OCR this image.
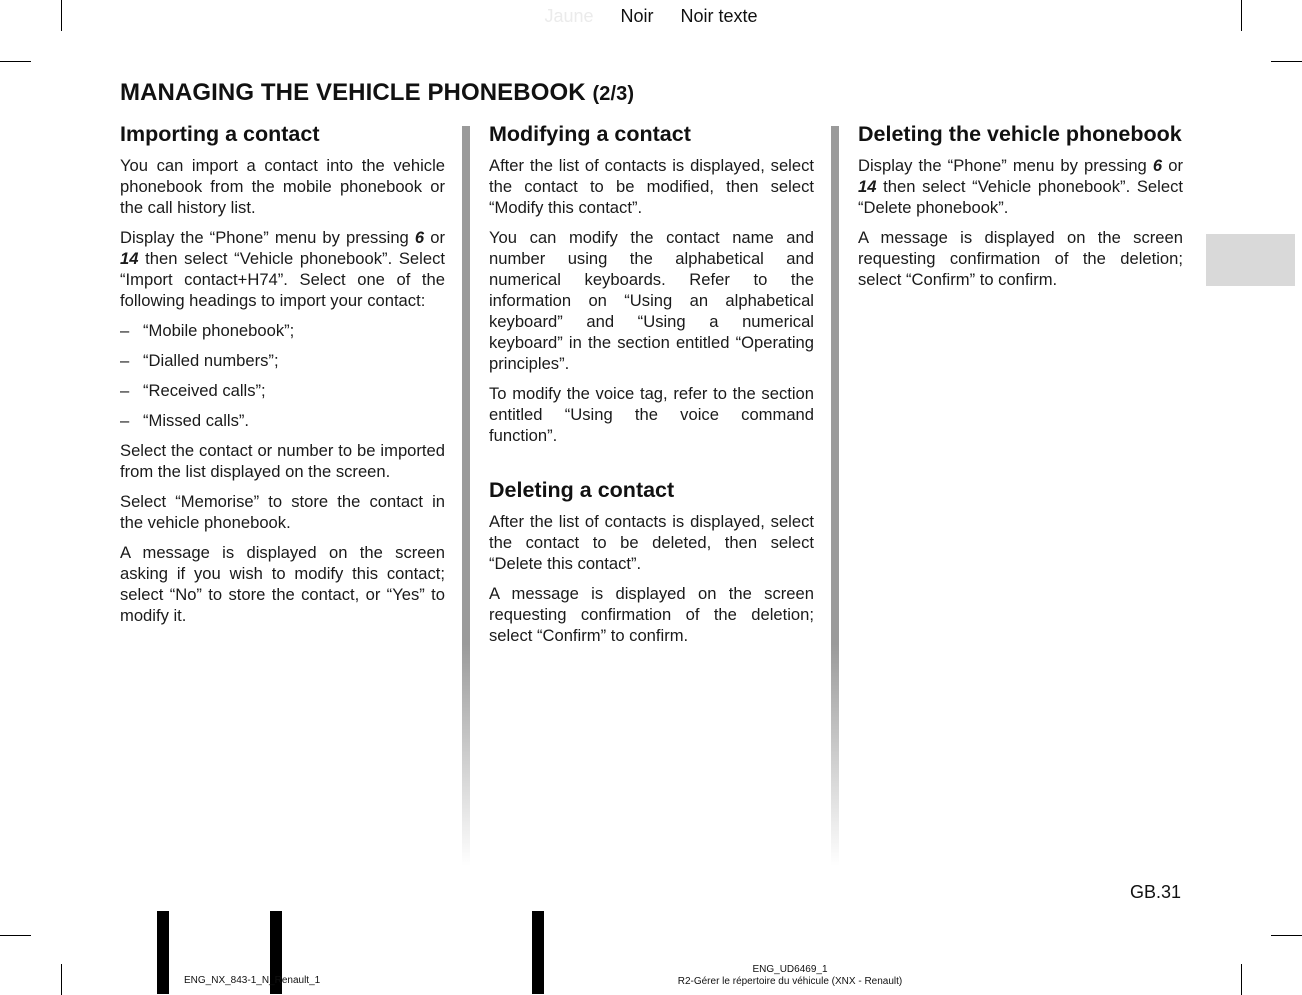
Jaune Noir Noir texte
MANAGING THE VEHICLE PHONEBOOK (2/3)
Importing a contact

You can import a contact into the vehicle phonebook from the mobile phonebook or the call history list.

Display the “Phone” menu by pressing 6 or 14 then select “Vehicle phonebook”. Select “Import contact+H74”. Select one of the following headings to import your contact:

– “Mobile phonebook”;
– “Dialled numbers”;
– “Received calls”;
– “Missed calls”.

Select the contact or number to be imported from the list displayed on the screen.

Select “Memorise” to store the contact in the vehicle phonebook.

A message is displayed on the screen asking if you wish to modify this contact; select “No” to store the contact, or “Yes” to modify it.

Modifying a contact

After the list of contacts is displayed, select the contact to be modified, then select “Modify this contact”.

You can modify the contact name and number using the alphabetical and numerical keyboards. Refer to the information on “Using an alphabetical keyboard” and “Using a numerical keyboard” in the section entitled “Operating principles”.

To modify the voice tag, refer to the section entitled “Using the voice command function”.

Deleting a contact

After the list of contacts is displayed, select the contact to be deleted, then select “Delete this contact”.

A message is displayed on the screen requesting confirmation of the deletion; select “Confirm” to confirm.

Deleting the vehicle phonebook

Display the “Phone” menu by pressing 6 or 14 then select “Vehicle phonebook”. Select “Delete phonebook”.

A message is displayed on the screen requesting confirmation of the deletion; select “Confirm” to confirm.

GB.31
ENG_NX_843-1_N_Renault_1
ENG_UD6469_1
R2-Gérer le répertoire du véhicule (XNX - Renault)
